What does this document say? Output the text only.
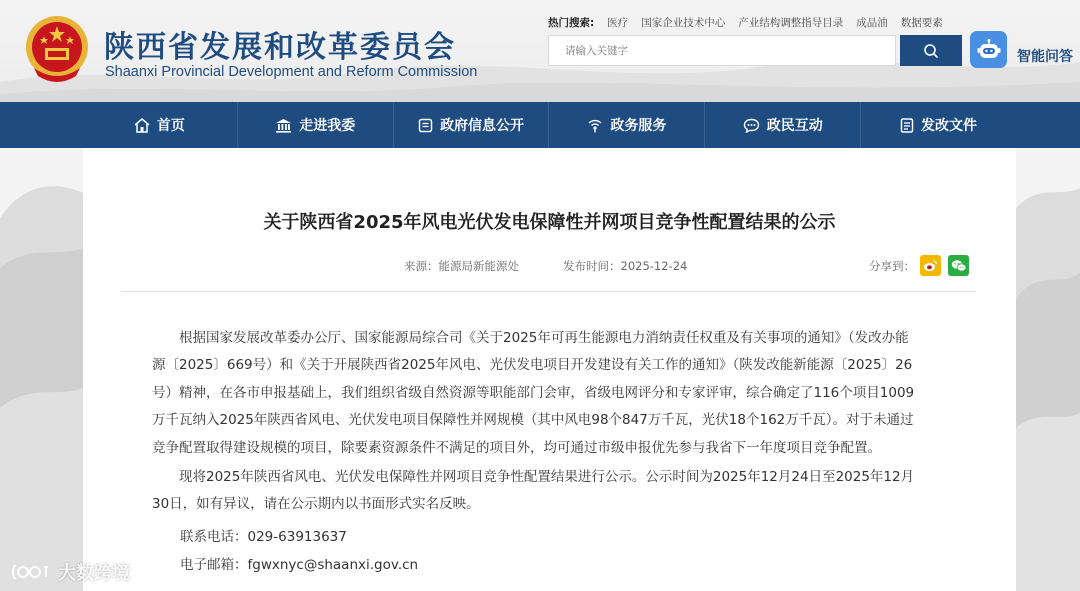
陕西省发展和改革委员会
Shaanxi Provincial Development and Reform Commission
热门搜索: 医疗 国家企业技术中心 产业结构调整指导目录 成品油 数据要素
请输入关键字
智能问答
首页	走进我委	政府信息公开	政务服务	政民互动	发改文件
关于陕西省2025年风电光伏发电保障性并网项目竞争性配置结果的公示
来源：能源局新能源处	发布时间：2025-12-24	分享到：
根据国家发展改革委办公厅、国家能源局综合司《关于2025年可再生能源电力消纳责任权重及有关事项的通知》（发改办能
源〔2025〕669号）和《关于开展陕西省2025年风电、光伏发电项目开发建设有关工作的通知》（陕发改能新能源〔2025〕26
号）精神，在各市申报基础上，我们组织省级自然资源等职能部门会审，省级电网评分和专家评审，综合确定了116个项目1009
万千瓦纳入2025年陕西省风电、光伏发电项目保障性并网规模（其中风电98个847万千瓦，光伏18个162万千瓦）。对于未通过
竞争配置取得建设规模的项目，除要素资源条件不满足的项目外，均可通过市级申报优先参与我省下一年度项目竞争配置。
现将2025年陕西省风电、光伏发电保障性并网项目竞争性配置结果进行公示。公示时间为2025年12月24日至2025年12月
30日，如有异议，请在公示期内以书面形式实名反映。
联系电话：029-63913637
电子邮箱：fgwxnyc@shaanxi.gov.cn
大数跨境
